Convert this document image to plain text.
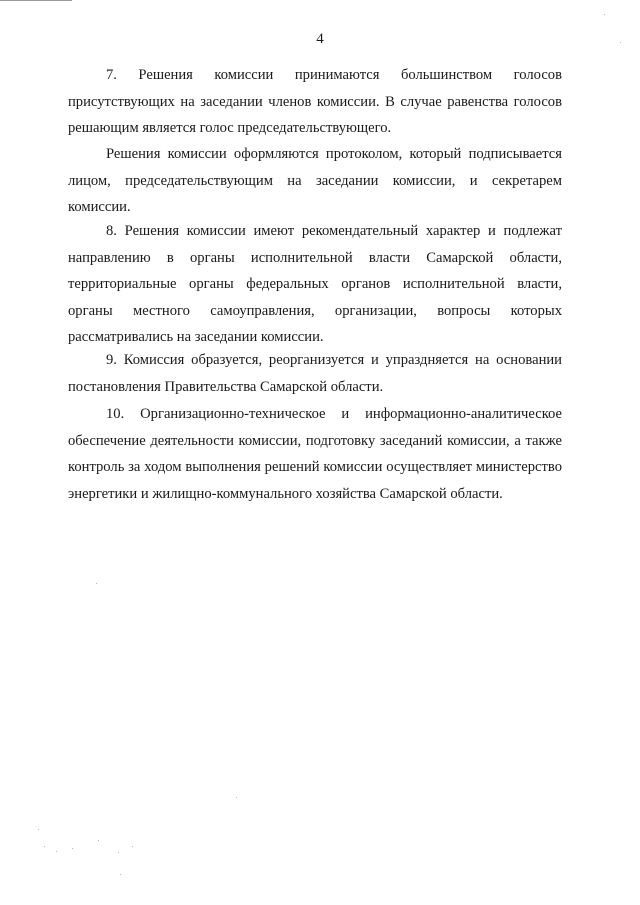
4

7. Решения комиссии принимаются большинством голосов присутствующих на заседании членов комиссии. В случае равенства голосов решающим является голос председательствующего.

Решения комиссии оформляются протоколом, который подписывается лицом, председательствующим на заседании комиссии, и секретарем комиссии.

8. Решения комиссии имеют рекомендательный характер и подлежат направлению в органы исполнительной власти Самарской области, территориальные органы федеральных органов исполнительной власти, органы местного самоуправления, организации, вопросы которых рассматривались на заседании комиссии.

9. Комиссия образуется, реорганизуется и упраздняется на основании постановления Правительства Самарской области.

10. Организационно-техническое и информационно-аналитическое обеспечение деятельности комиссии, подготовку заседаний комиссии, а также контроль за ходом выполнения решений комиссии осуществляет министерство энергетики и жилищно-коммунального хозяйства Самарской области.
